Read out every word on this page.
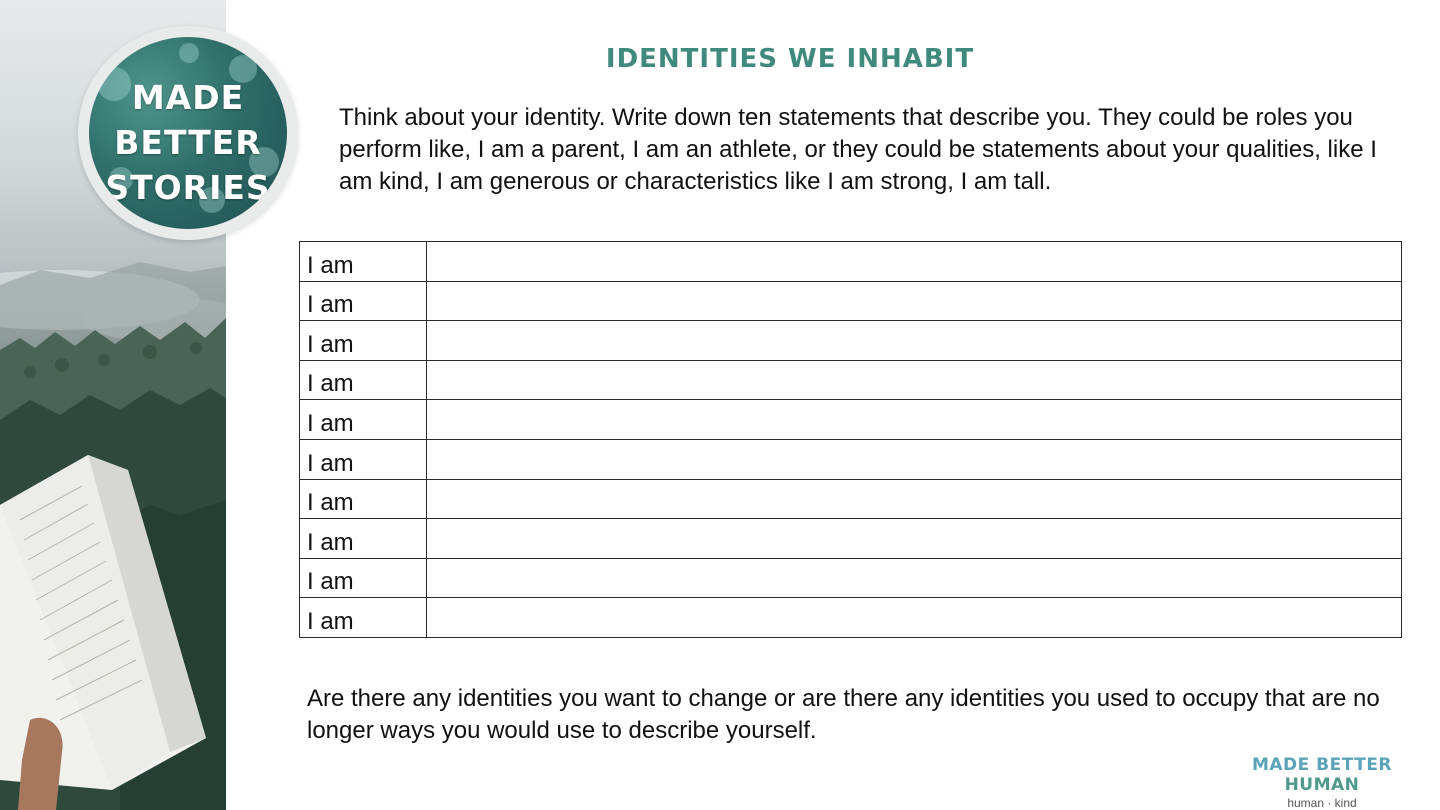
MADE
BETTER
STORIES
IDENTITIES WE INHABIT
Think about your identity. Write down ten statements that describe you. They could be roles you perform like, I am a parent, I am an athlete, or they could be statements about your qualities, like I am kind, I am generous or characteristics like I am strong, I am tall.
I am	
I am	
I am	
I am	
I am	
I am	
I am	
I am	
I am	
I am	
Are there any identities you want to change or are there any identities you used to occupy that are no longer ways you would use to describe yourself.
MADE BETTER HUMAN
human · kind
